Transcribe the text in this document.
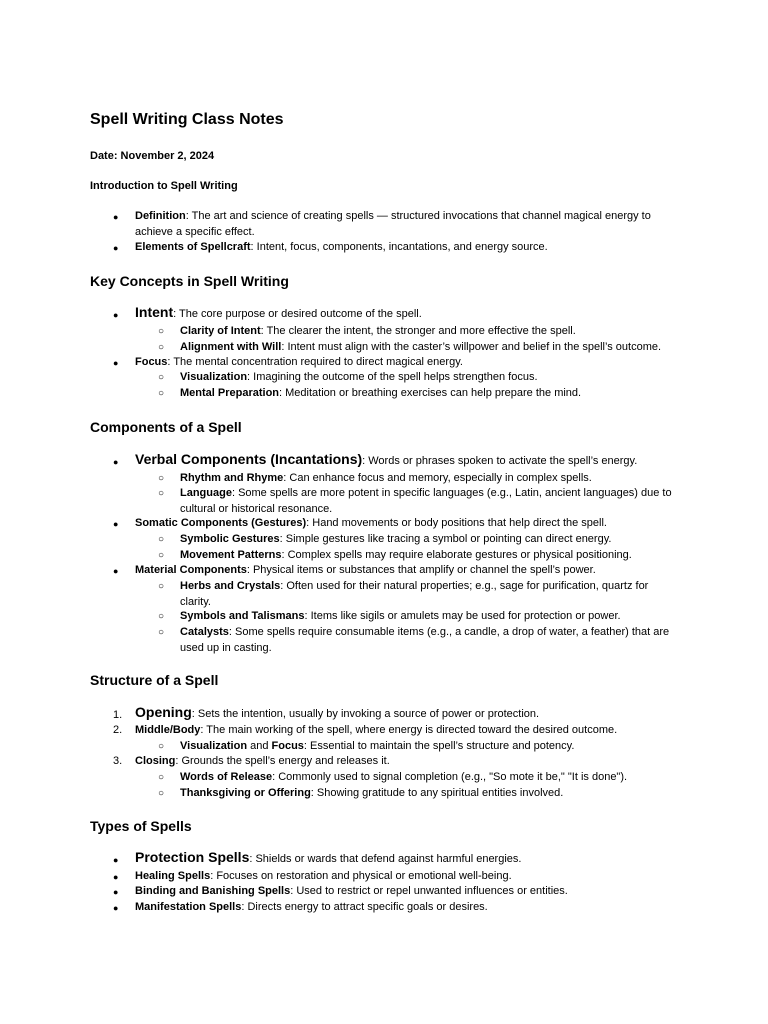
Spell Writing Class Notes
Date: November 2, 2024
Introduction to Spell Writing
● Definition: The art and science of creating spells — structured invocations that channel magical energy to achieve a specific effect.
● Elements of Spellcraft: Intent, focus, components, incantations, and energy source.
Key Concepts in Spell Writing
● Intent: The core purpose or desired outcome of the spell.
○ Clarity of Intent: The clearer the intent, the stronger and more effective the spell.
○ Alignment with Will: Intent must align with the caster’s willpower and belief in the spell’s outcome.
● Focus: The mental concentration required to direct magical energy.
○ Visualization: Imagining the outcome of the spell helps strengthen focus.
○ Mental Preparation: Meditation or breathing exercises can help prepare the mind.
Components of a Spell
● Verbal Components (Incantations): Words or phrases spoken to activate the spell’s energy.
○ Rhythm and Rhyme: Can enhance focus and memory, especially in complex spells.
○ Language: Some spells are more potent in specific languages (e.g., Latin, ancient languages) due to cultural or historical resonance.
● Somatic Components (Gestures): Hand movements or body positions that help direct the spell.
○ Symbolic Gestures: Simple gestures like tracing a symbol or pointing can direct energy.
○ Movement Patterns: Complex spells may require elaborate gestures or physical positioning.
● Material Components: Physical items or substances that amplify or channel the spell’s power.
○ Herbs and Crystals: Often used for their natural properties; e.g., sage for purification, quartz for clarity.
○ Symbols and Talismans: Items like sigils or amulets may be used for protection or power.
○ Catalysts: Some spells require consumable items (e.g., a candle, a drop of water, a feather) that are used up in casting.
Structure of a Spell
1. Opening: Sets the intention, usually by invoking a source of power or protection.
2. Middle/Body: The main working of the spell, where energy is directed toward the desired outcome.
○ Visualization and Focus: Essential to maintain the spell’s structure and potency.
3. Closing: Grounds the spell’s energy and releases it.
○ Words of Release: Commonly used to signal completion (e.g., "So mote it be," "It is done").
○ Thanksgiving or Offering: Showing gratitude to any spiritual entities involved.
Types of Spells
● Protection Spells: Shields or wards that defend against harmful energies.
● Healing Spells: Focuses on restoration and physical or emotional well-being.
● Binding and Banishing Spells: Used to restrict or repel unwanted influences or entities.
● Manifestation Spells: Directs energy to attract specific goals or desires.
